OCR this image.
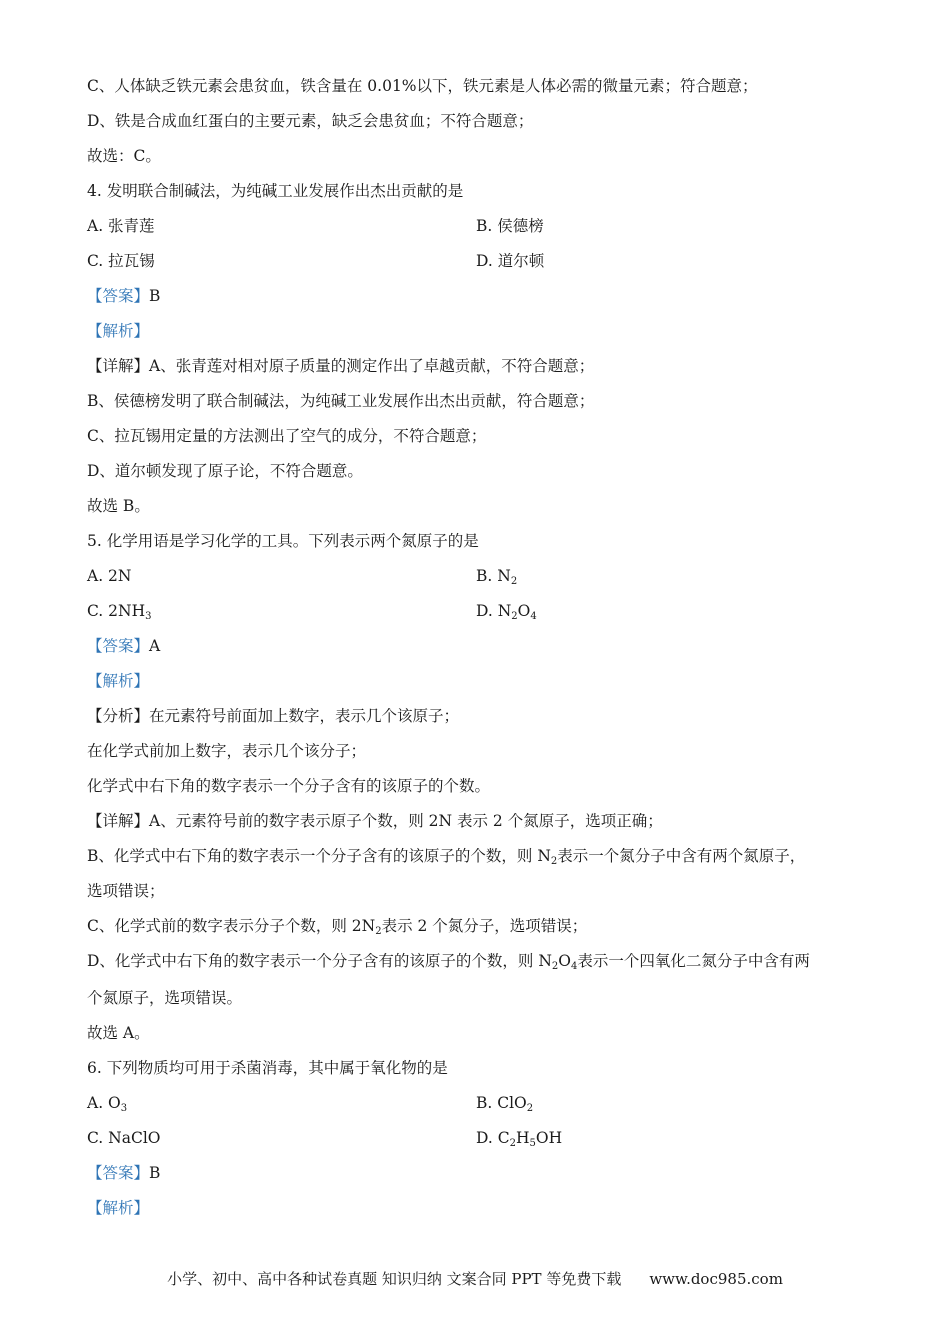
C、人体缺乏铁元素会患贫血，铁含量在 0.01%以下，铁元素是人体必需的微量元素；符合题意；
D、铁是合成血红蛋白的主要元素，缺乏会患贫血；不符合题意；
故选：C。
4. 发明联合制碱法，为纯碱工业发展作出杰出贡献的是
A. 张青莲	B. 侯德榜
C. 拉瓦锡	D. 道尔顿
【答案】B
【解析】
【详解】A、张青莲对相对原子质量的测定作出了卓越贡献，不符合题意；
B、侯德榜发明了联合制碱法，为纯碱工业发展作出杰出贡献，符合题意；
C、拉瓦锡用定量的方法测出了空气的成分，不符合题意；
D、道尔顿发现了原子论，不符合题意。
故选 B。
5. 化学用语是学习化学的工具。下列表示两个氮原子的是
A. 2N	B. $N_2$
C. $2NH_3$	D. $N_2O_4$
【答案】A
【解析】
【分析】在元素符号前面加上数字，表示几个该原子；
在化学式前加上数字，表示几个该分子；
化学式中右下角的数字表示一个分子含有的该原子的个数。
【详解】A、元素符号前的数字表示原子个数，则 2N 表示 2 个氮原子，选项正确；
B、化学式中右下角的数字表示一个分子含有的该原子的个数，则 $N_2$表示一个氮分子中含有两个氮原子，
选项错误；
C、化学式前的数字表示分子个数，则 $2N_2$表示 2 个氮分子，选项错误；
D、化学式中右下角的数字表示一个分子含有的该原子的个数，则 $N_2O_4$表示一个四氧化二氮分子中含有两
个氮原子，选项错误。
故选 A。
6. 下列物质均可用于杀菌消毒，其中属于氧化物的是
A. $O_3$	B. ClO$_2$
C. NaClO	D. $C_2H_5OH$
【答案】B
【解析】
小学、初中、高中各种试卷真题 知识归纳 文案合同 PPT 等免费下载 www.doc985.com
